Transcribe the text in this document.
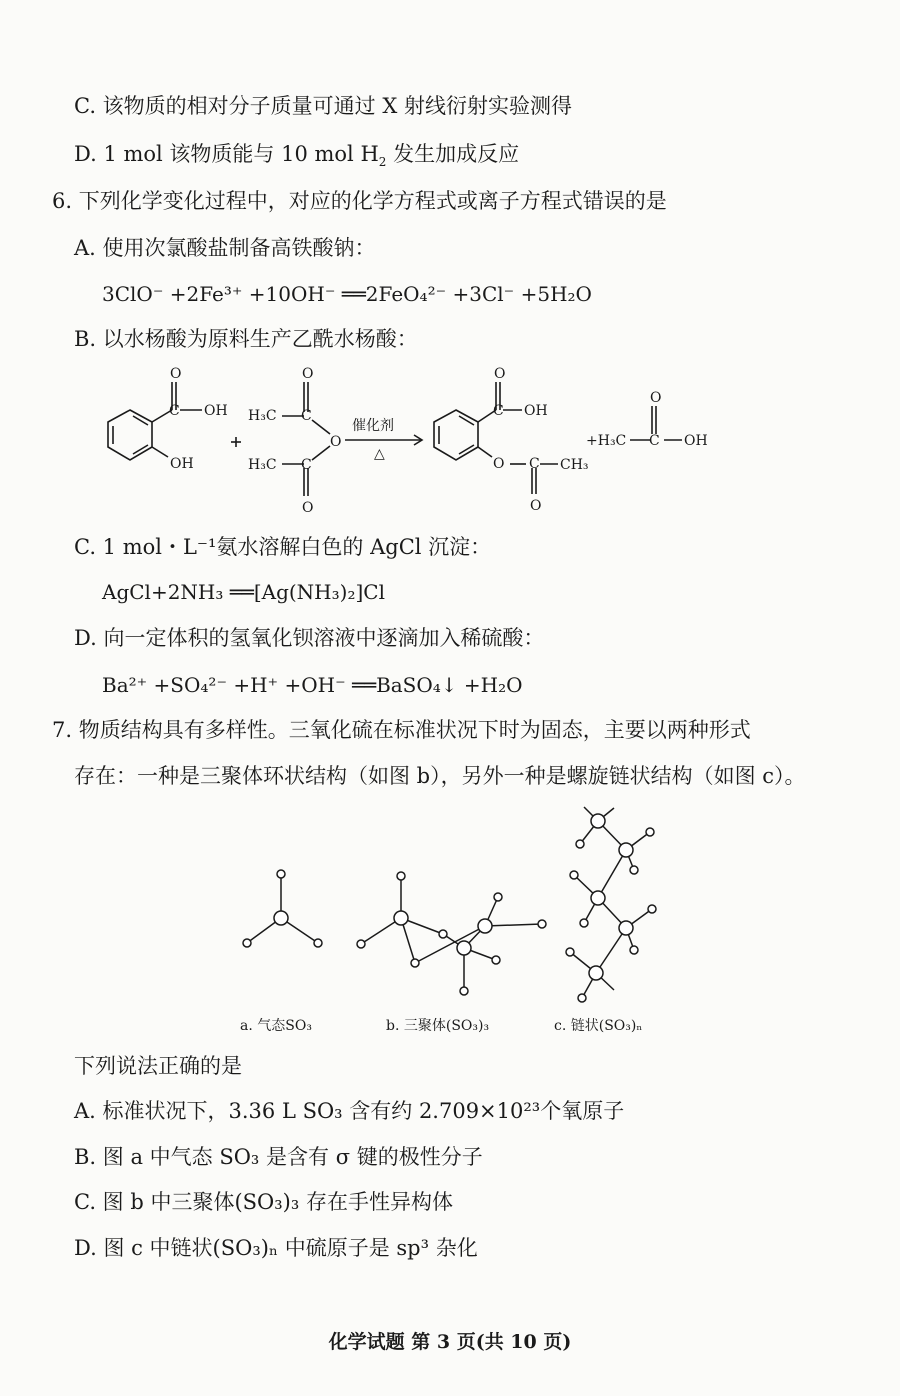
C. 该物质的相对分子质量可通过 X 射线衍射实验测得
D. 1 mol 该物质能与 10 mol $H_2$ 发生加成反应
6. 下列化学变化过程中，对应的化学方程式或离子方程式错误的是
A. 使用次氯酸盐制备高铁酸钠：
3ClO⁻ +2Fe³⁺ +10OH⁻ ══2FeO₄²⁻ +3Cl⁻ +5H₂O
B. 以水杨酸为原料生产乙酰水杨酸：
O
C OH
OH
H₃C
O
C
O
H₃C C
O
催化剂
△
O
C OH
O C
O
CH₃
+H₃C
O
C OH
C. 1 mol・L⁻¹氨水溶解白色的 AgCl 沉淀：
AgCl+2NH₃ ══[Ag(NH₃)₂]Cl
D. 向一定体积的氢氧化钡溶液中逐滴加入稀硫酸：
Ba²⁺ +SO₄²⁻ +H⁺ +OH⁻ ══BaSO₄↓ +H₂O
7. 物质结构具有多样性。三氧化硫在标准状况下时为固态，主要以两种形式
存在：一种是三聚体环状结构（如图 b），另外一种是螺旋链状结构（如图 c）。
a. 气态SO₃	b. 三聚体(SO₃)₃	c. 链状(SO₃)ₙ
下列说法正确的是
A. 标准状况下，3.36 L SO₃ 含有约 2.709×10²³个氧原子
B. 图 a 中气态 SO₃ 是含有 σ 键的极性分子
C. 图 b 中三聚体(SO₃)₃ 存在手性异构体
D. 图 c 中链状(SO₃)ₙ 中硫原子是 sp³ 杂化
化学试题 第 3 页(共 10 页)
